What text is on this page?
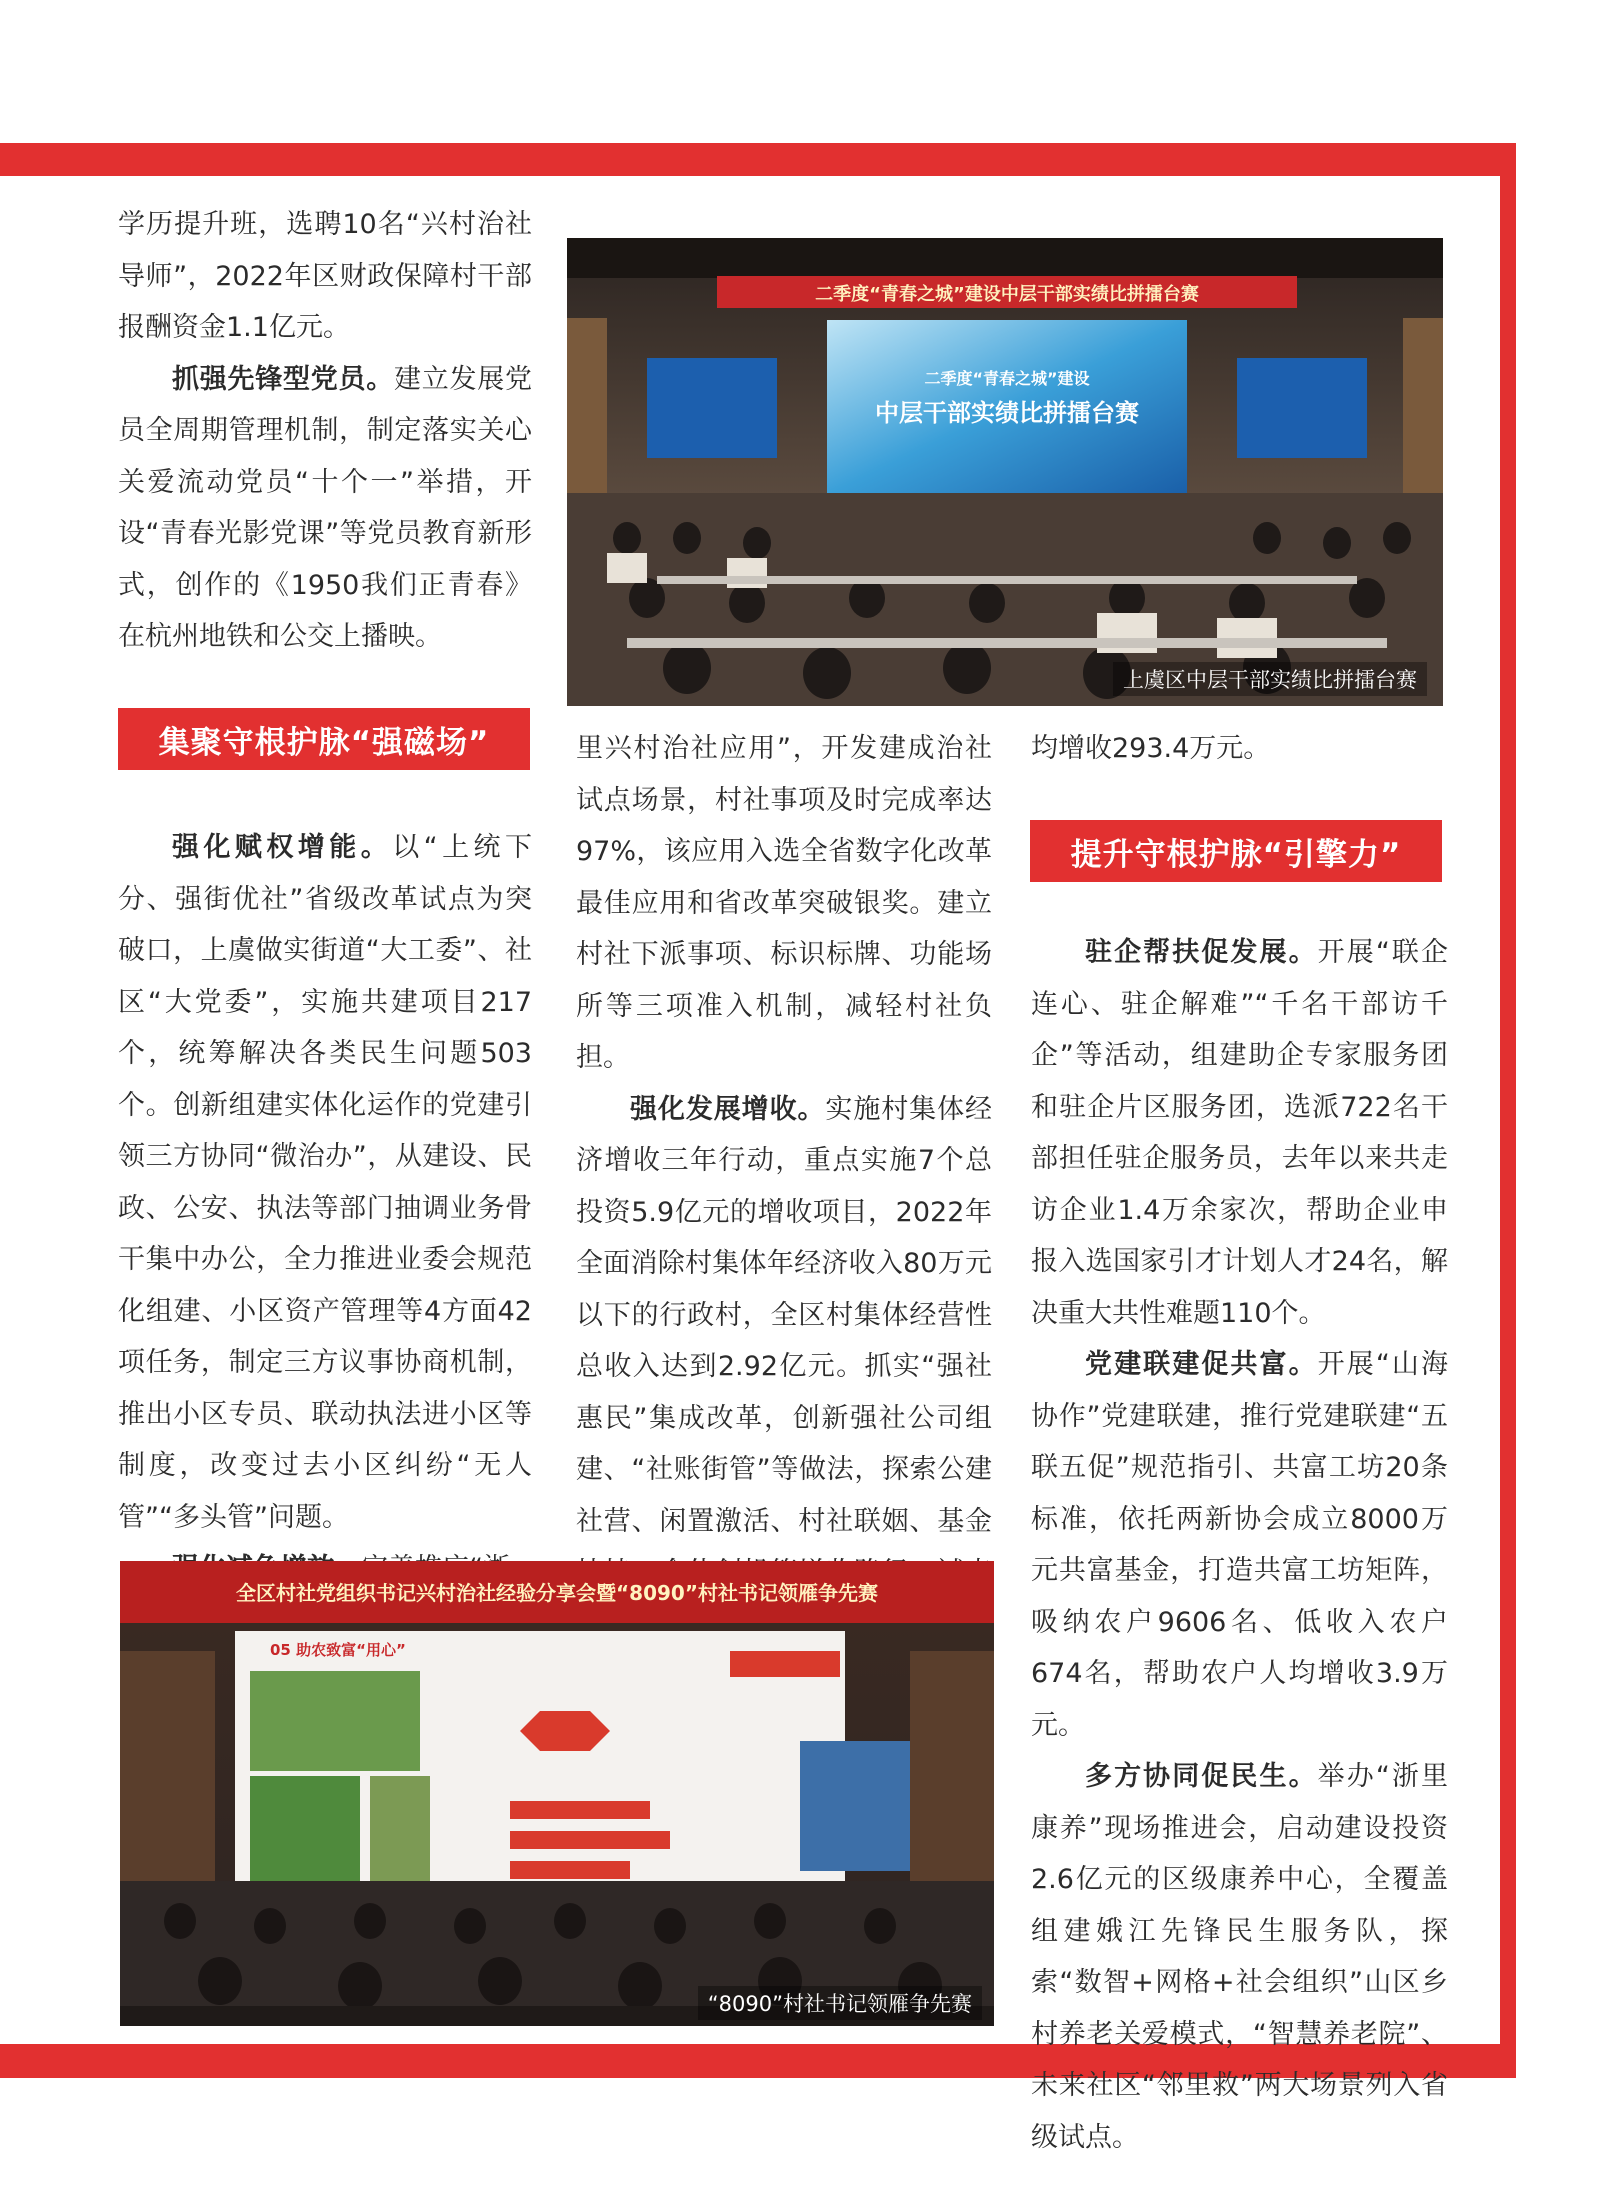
学历提升班，选聘10名“兴村治社导师”，2022年区财政保障村干部报酬资金1.1亿元。

抓强先锋型党员。建立发展党员全周期管理机制，制定落实关心关爱流动党员“十个一”举措，开设“青春光影党课”等党员教育新形式，创作的《1950我们正青春》在杭州地铁和公交上播映。

集聚守根护脉“强磁场”

强化赋权增能。以“上统下分、强街优社”省级改革试点为突破口，上虞做实街道“大工委”、社区“大党委”，实施共建项目217个，统筹解决各类民生问题503个。创新组建实体化运作的党建引领三方协同“微治办”，从建设、民政、公安、执法等部门抽调业务骨干集中办公，全力推进业委会规范化组建、小区资产管理等4方面42项任务，制定三方议事协商机制，推出小区专员、联动执法进小区等制度，改变过去小区纠纷“无人管”“多头管”问题。

里兴村治社应用”，开发建成治社试点场景，村社事项及时完成率达97%，该应用入选全省数字化改革最佳应用和省改革突破银奖。建立村社下派事项、标识标牌、功能场所等三项准入机制，减轻村社负担。

强化发展增收。实施村集体经济增收三年行动，重点实施7个总投资5.9亿元的增收项目，2022年全面消除村集体年经济收入80万元以下的行政村，全区村集体经营性总收入达到2.92亿元。抓实“强社惠民”集成改革，创新强社公司组建、“社账街管”等做法，探索公建社营、闲置激活、村社联姻、基金

均增收293.4万元。

提升守根护脉“引擎力”

驻企帮扶促发展。开展“联企连心、驻企解难”“千名干部访千企”等活动，组建助企专家服务团和驻企片区服务团，选派722名干部担任驻企服务员，去年以来共走访企业1.4万余家次，帮助企业申报入选国家引才计划人才24名，解决重大共性难题110个。

党建联建促共富。开展“山海协作”党建联建，推行党建联建“五联五促”规范指引、共富工坊20条标准，依托两新协会成立8000万元共富基金，打造共富工坊矩阵，吸纳农户9606名、低收入农户674名，帮助农户人均增收3.9万元。

多方协同促民生。举办“浙里康养”现场推进会，启动建设投资2.6亿元的区级康养中心，全覆盖组建娥江先锋民生服务队，探索“数智+网格+社会组织”山区乡村养老关爱模式，“智慧养老院”、未来社区“邻里救”两大场景列入省级试点。

二季度“青春之城”建设中层干部实绩比拼擂台赛
二季度“青春之城”建设
中层干部实绩比拼擂台赛
上虞区中层干部实绩比拼擂台赛
全区村社党组织书记兴村治社经验分享会暨“8090”村社书记领雁争先赛
05 助农致富“用心”
“8090”村社书记领雁争先赛
